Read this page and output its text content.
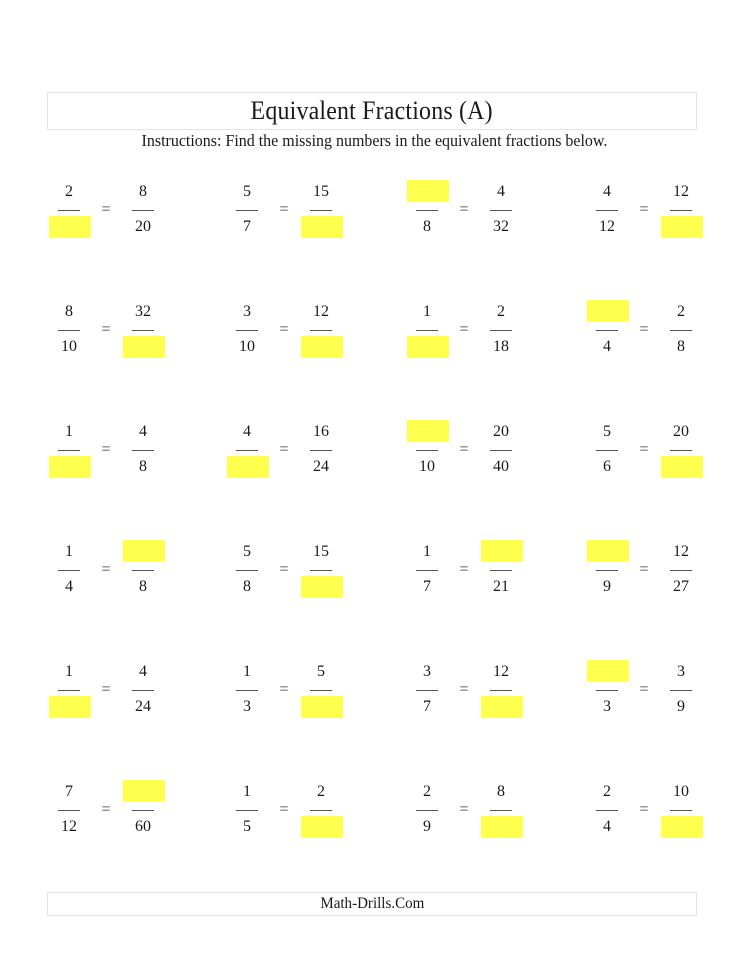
Equivalent Fractions (A)
Instructions: Find the missing numbers in the equivalent fractions below.
2
=
8
20
5
7
=
15
8
=
4
32
4
12
=
12
8
10
=
32	3
10
=
12	1
=
2
18	4
=
2
8
1
=
4
8
4
=
16
24	10
=
20
40
5
6
=
20
1
4
=
8
5
8
=
15	1
7
=
21	9
=
12
27
1
=
4
24
1
3
=
5	3
7
=
12
3
=
3
9
7
12
=
60
1
5
=
2	2
9
=
8	2
4
=
10
Math-Drills.Com
